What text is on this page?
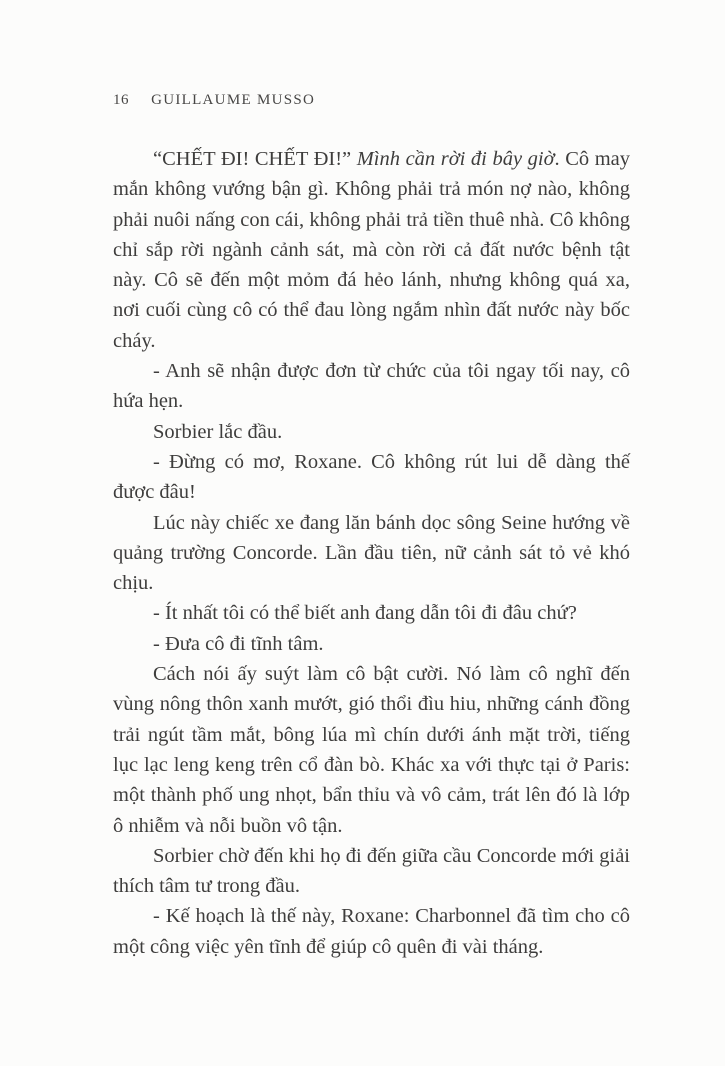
16 GUILLAUME MUSSO

“CHẾT ĐI! CHẾT ĐI!” Mình cần rời đi bây giờ. Cô may mắn không vướng bận gì. Không phải trả món nợ nào, không phải nuôi nấng con cái, không phải trả tiền thuê nhà. Cô không chỉ sắp rời ngành cảnh sát, mà còn rời cả đất nước bệnh tật này. Cô sẽ đến một mỏm đá hẻo lánh, nhưng không quá xa, nơi cuối cùng cô có thể đau lòng ngắm nhìn đất nước này bốc cháy.

- Anh sẽ nhận được đơn từ chức của tôi ngay tối nay, cô hứa hẹn.

Sorbier lắc đầu.

- Đừng có mơ, Roxane. Cô không rút lui dễ dàng thế được đâu!

Lúc này chiếc xe đang lăn bánh dọc sông Seine hướng về quảng trường Concorde. Lần đầu tiên, nữ cảnh sát tỏ vẻ khó chịu.

- Ít nhất tôi có thể biết anh đang dẫn tôi đi đâu chứ?

- Đưa cô đi tĩnh tâm.

Cách nói ấy suýt làm cô bật cười. Nó làm cô nghĩ đến vùng nông thôn xanh mướt, gió thổi đìu hiu, những cánh đồng trải ngút tầm mắt, bông lúa mì chín dưới ánh mặt trời, tiếng lục lạc leng keng trên cổ đàn bò. Khác xa với thực tại ở Paris: một thành phố ung nhọt, bẩn thỉu và vô cảm, trát lên đó là lớp ô nhiễm và nỗi buồn vô tận.

Sorbier chờ đến khi họ đi đến giữa cầu Concorde mới giải thích tâm tư trong đầu.

- Kế hoạch là thế này, Roxane: Charbonnel đã tìm cho cô một công việc yên tĩnh để giúp cô quên đi vài tháng.
